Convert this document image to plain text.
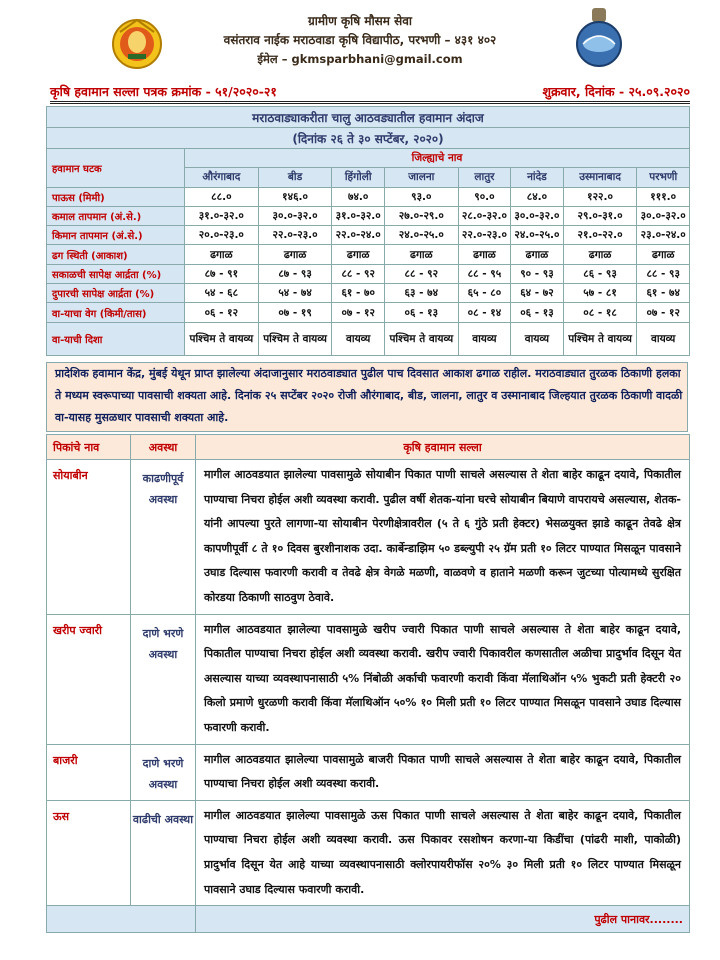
ग्रामीण कृषि मौसम सेवा
वसंतराव नाईक मराठवाडा कृषि विद्यापीठ, परभणी – ४३१ ४०२
ईमेल – gkmsparbhani@gmail.com
कृषि हवामान सल्ला पत्रक क्रमांक - ५१/२०२०-२१	शुक्रवार, दिनांक - २५.०९.२०२०
मराठवाड्याकरीता चालु आठवड्यातील हवामान अंदाज								
(दिनांक २६ ते ३० सप्टेंबर, २०२०)								
हवामान घटक	जिल्ह्याचे नाव							
	औरंगाबाद	बीड	हिंगोली	जालना	लातुर	नांदेड	उस्मानाबाद	परभणी
पाऊस (मिमी)	८८.०	१४६.०	७४.०	९३.०	९०.०	८४.०	१२२.०	१११.०
कमाल तापमान (अं.से.)	३१.०-३२.०	३०.०-३२.०	३१.०-३२.०	२७.०-२९.०	२८.०-३२.०	३०.०-३२.०	२९.०-३१.०	३०.०-३२.०
किमान तापमान (अं.से.)	२०.०-२३.०	२२.०-२३.०	२२.०-२४.०	२४.०-२५.०	२२.०-२३.०	२४.०-२५.०	२१.०-२२.०	२३.०-२४.०
ढग स्थिती (आकाश)	ढगाळ	ढगाळ	ढगाळ	ढगाळ	ढगाळ	ढगाळ	ढगाळ	ढगाळ
सकाळची सापेक्ष आर्द्रता (%)	८७ - ९१	८७ - ९३	८८ - ९२	८८ - ९२	८८ - ९५	९० - ९३	८६ - ९३	८८ - ९३
दुपारची सापेक्ष आर्द्रता (%)	५४ - ६८	५४ - ७४	६१ - ७०	६३ - ७४	६५ - ८०	६४ - ७२	५७ - ८१	६१ - ७४
वा-याचा वेग (किमी/तास)	०६ - १२	०७ - १९	०७ - १२	०६ - १३	०८ - १४	०६ - १३	०८ - १८	०७ - १२
वा-याची दिशा	पश्चिम ते वायव्य	पश्चिम ते वायव्य	वायव्य	पश्चिम ते वायव्य	वायव्य	वायव्य	पश्चिम ते वायव्य	वायव्य
प्रादेशिक हवामान केंद्र, मुंबई येथून प्राप्त झालेल्या अंदाजानुसार मराठवाड्यात पुढील पाच दिवसात आकाश ढगाळ राहील. मराठवाड्यात तुरळक ठिकाणी हलका ते मध्यम स्वरूपाच्या पावसाची शक्यता आहे. दिनांक २५ सप्टेंबर २०२० रोजी औरंगाबाद, बीड, जालना, लातुर व उस्मानाबाद जिल्हयात तुरळक ठिकाणी वादळी वा-यासह मुसळधार पावसाची शक्यता आहे.
पिकांचे नाव	अवस्था	कृषि हवामान सल्ला
सोयाबीन	काढणीपूर्व अवस्था	मागील आठवडयात झालेल्या पावसामुळे सोयाबीन पिकात पाणी साचले असल्यास ते शेता बाहेर काढून दयावे, पिकातील पाण्याचा निचरा होईल अशी व्यवस्था करावी. पुढील वर्षी शेतक-यांना घरचे सोयाबीन बियाणे वापरायचे असल्यास, शेतक-यांनी आपल्या पुरते लागणा-या सोयाबीन पेरणीक्षेत्रावरील (५ ते ६ गुंठे प्रती हेक्टर) भेसळयुक्त झाडे काढून तेवढे क्षेत्र कापणीपूर्वी ८ ते १० दिवस बुरशीनाशक उदा. कार्बेन्डाझिम ५० डब्ल्युपी २५ ग्रॅम प्रती १० लिटर पाण्यात मिसळून पावसाने उघाड दिल्यास फवारणी करावी व तेवढे क्षेत्र वेगळे मळणी, वाळवणे व हाताने मळणी करून जुटच्या पोत्यामध्ये सुरक्षित कोरडया ठिकाणी साठवुण ठेवावे.
खरीप ज्वारी	दाणे भरणे अवस्था	मागील आठवडयात झालेल्या पावसामुळे खरीप ज्वारी पिकात पाणी साचले असल्यास ते शेता बाहेर काढून दयावे, पिकातील पाण्याचा निचरा होईल अशी व्यवस्था करावी. खरीप ज्वारी पिकावरील कणसातील अळीचा प्रादुर्भाव दिसून येत असल्यास याच्या व्यवस्थापनासाठी ५% निंबोळी अर्काची फवारणी करावी किंवा मॅलाथिऑन ५% भुकटी प्रती हेक्टरी २० किलो प्रमाणे धुरळणी करावी किंवा मॅलाथिऑन ५०% १० मिली प्रती १० लिटर पाण्यात मिसळून पावसाने उघाड दिल्यास फवारणी करावी.
बाजरी	दाणे भरणे अवस्था	मागील आठवडयात झालेल्या पावसामुळे बाजरी पिकात पाणी साचले असल्यास ते शेता बाहेर काढून दयावे, पिकातील पाण्याचा निचरा होईल अशी व्यवस्था करावी.
ऊस	वाढीची अवस्था	मागील आठवडयात झालेल्या पावसामुळे ऊस पिकात पाणी साचले असल्यास ते शेता बाहेर काढून दयावे, पिकातील पाण्याचा निचरा होईल अशी व्यवस्था करावी. ऊस पिकावर रसशोषन करणा-या किडींचा (पांढरी माशी, पाकोळी) प्रादुर्भाव दिसून येत आहे याच्या व्यवस्थापनासाठी क्लोरपायरीफॉस २०% ३० मिली प्रती १० लिटर पाण्यात मिसळून पावसाने उघाड दिल्यास फवारणी करावी.
		पुढील पानावर........
